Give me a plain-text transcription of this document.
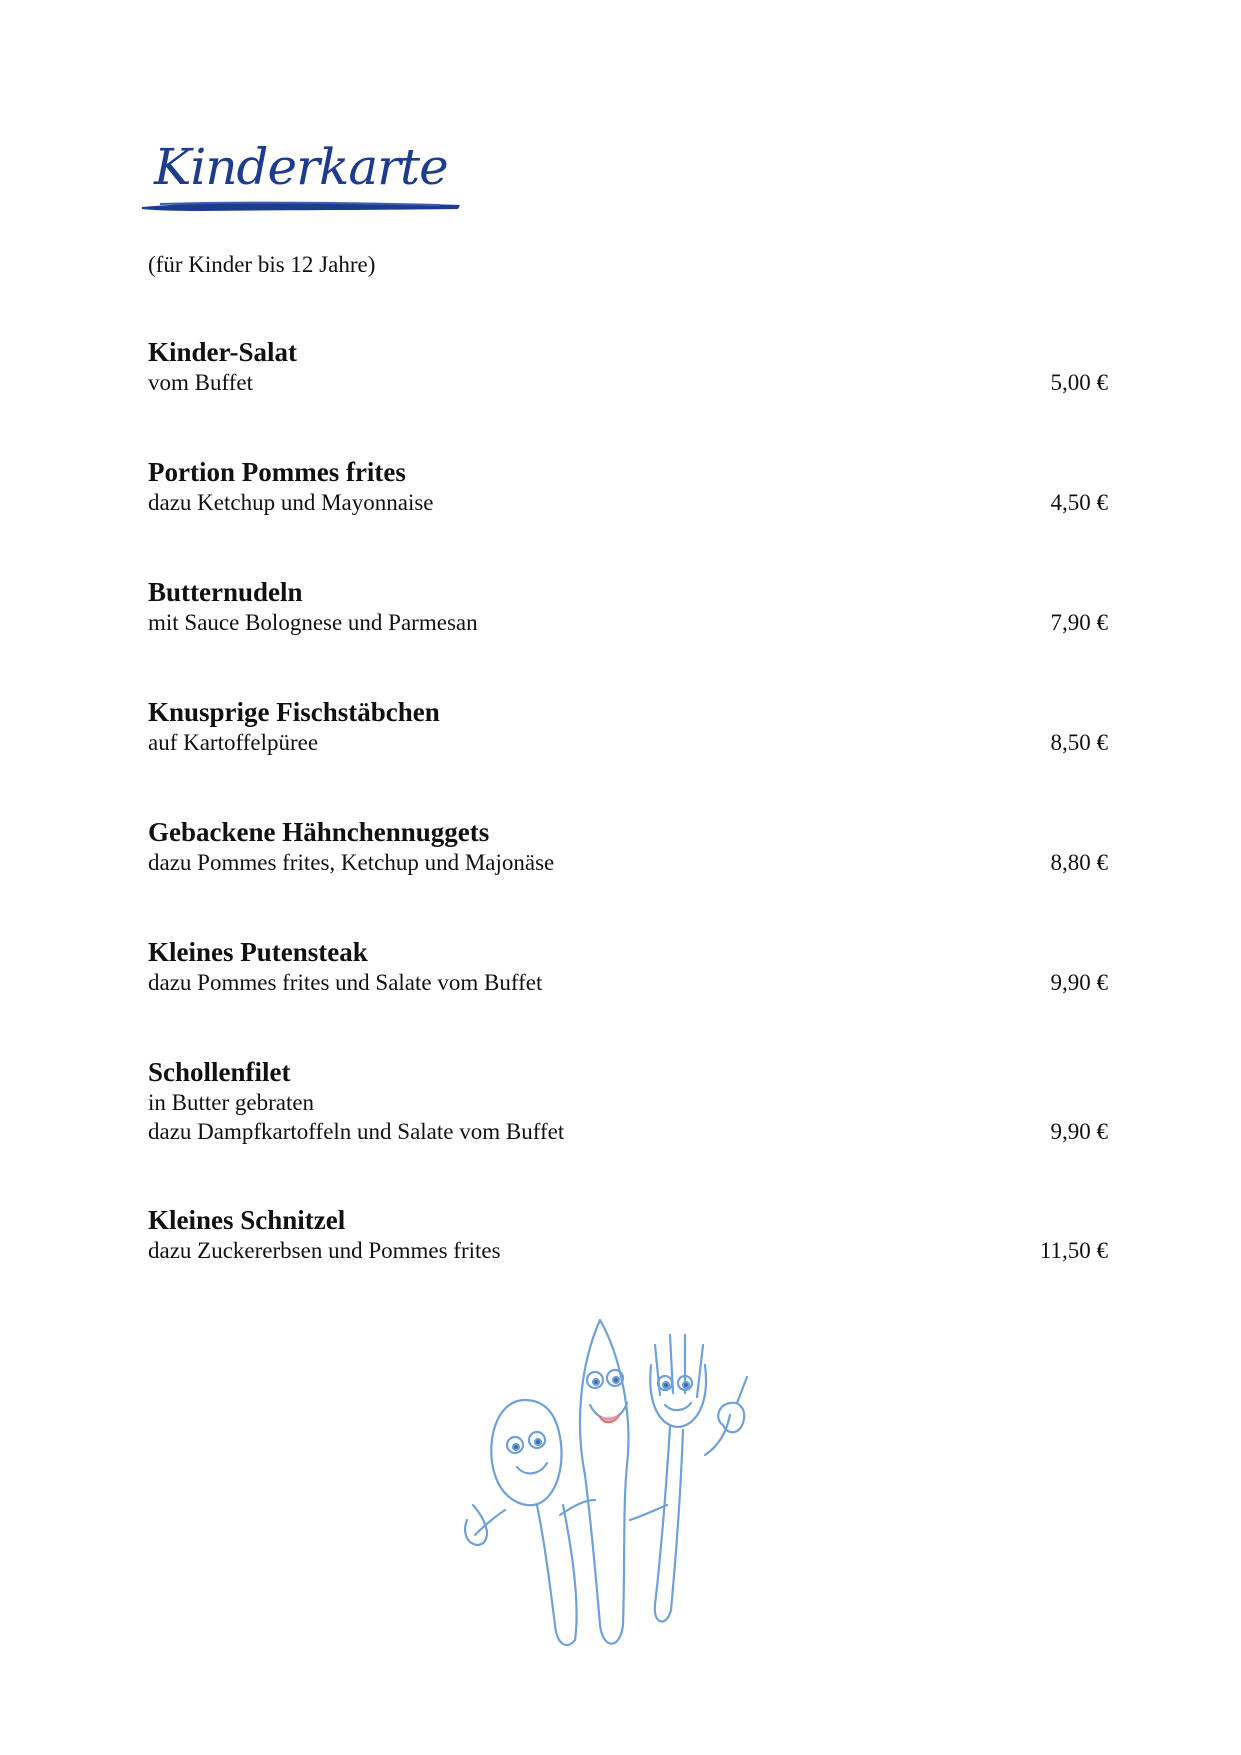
Kinderkarte
(für Kinder bis 12 Jahre)
Kinder-Salat
vom Buffet	5,00 €
Portion Pommes frites
dazu Ketchup und Mayonnaise	4,50 €
Butternudeln
mit Sauce Bolognese und Parmesan	7,90 €
Knusprige Fischstäbchen
auf Kartoffelpüree	8,50 €
Gebackene Hähnchennuggets
dazu Pommes frites, Ketchup und Majonäse	8,80 €
Kleines Putensteak
dazu Pommes frites und Salate vom Buffet	9,90 €
Schollenfilet
in Butter gebraten
dazu Dampfkartoffeln und Salate vom Buffet	9,90 €
Kleines Schnitzel
dazu Zuckererbsen und Pommes frites	11,50 €
